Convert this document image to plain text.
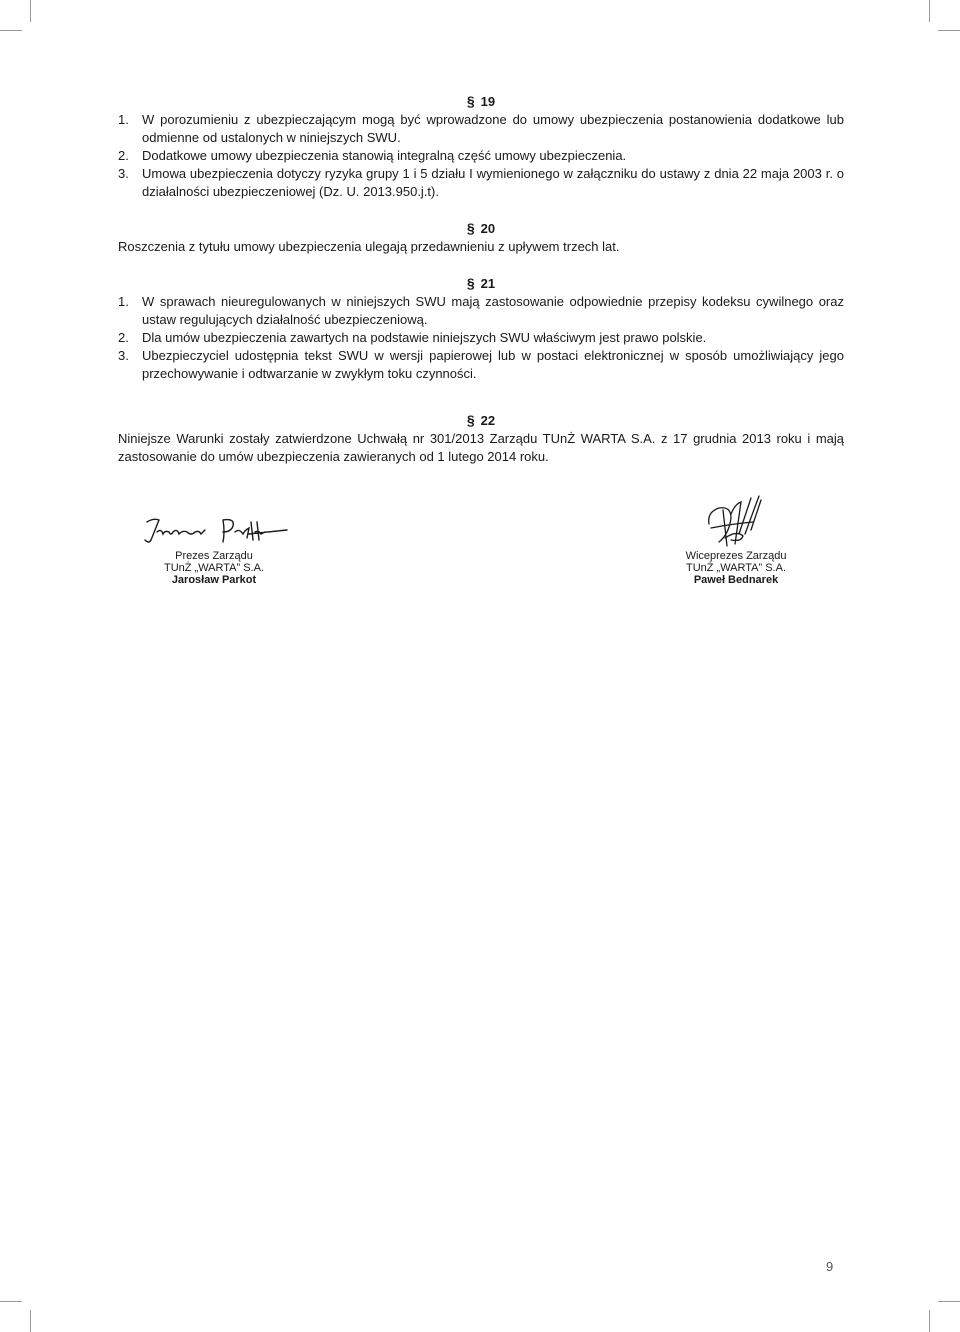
§ 19
1.	W porozumieniu z ubezpieczającym mogą być wprowadzone do umowy ubezpieczenia postanowienia dodatkowe lub odmienne od ustalonych w niniejszych SWU.
2.	Dodatkowe umowy ubezpieczenia stanowią integralną część umowy ubezpieczenia.
3.	Umowa ubezpieczenia dotyczy ryzyka grupy 1 i 5 działu I wymienionego w załączniku do ustawy z dnia 22 maja 2003 r. o działalności ubezpieczeniowej (Dz. U. 2013.950.j.t).
§ 20

Roszczenia z tytułu umowy ubezpieczenia ulegają przedawnieniu z upływem trzech lat.

§ 21
1.	W sprawach nieuregulowanych w niniejszych SWU mają zastosowanie odpowiednie przepisy kodeksu cywilnego oraz ustaw regulujących działalność ubezpieczeniową.
2.	Dla umów ubezpieczenia zawartych na podstawie niniejszych SWU właściwym jest prawo polskie.
3.	Ubezpieczyciel udostępnia tekst SWU w wersji papierowej lub w postaci elektronicznej w sposób umożliwiający jego przechowywanie i odtwarzanie w zwykłym toku czynności.
§ 22

Niniejsze Warunki zostały zatwierdzone Uchwałą nr 301/2013 Zarządu TUnŻ WARTA S.A. z 17 grudnia 2013 roku i mają zastosowanie do umów ubezpieczenia zawieranych od 1 lutego 2014 roku.

Prezes Zarządu
TUnŻ „WARTA” S.A.
Jarosław Parkot
Wiceprezes Zarządu
TUnŻ „WARTA” S.A.
Paweł Bednarek
9
